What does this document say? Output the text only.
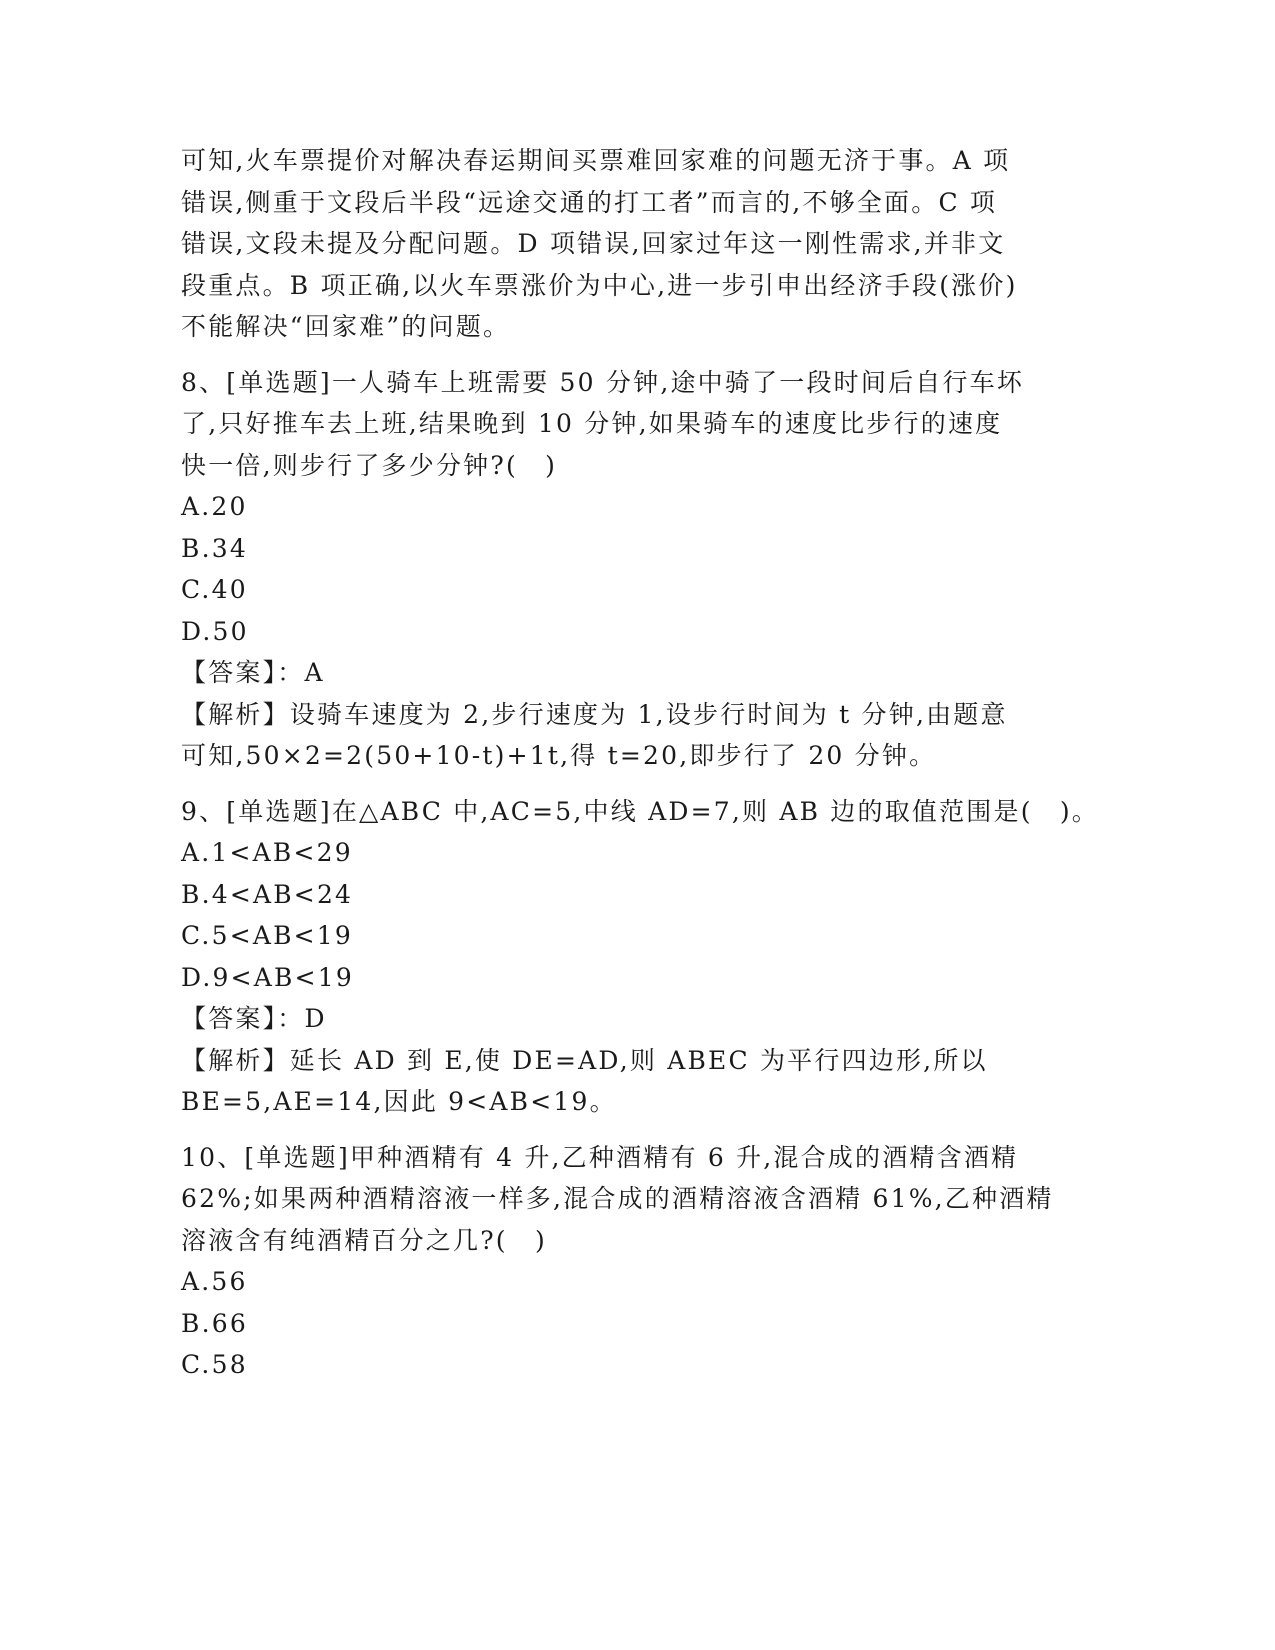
可知,火车票提价对解决春运期间买票难回家难的问题无济于事。A 项
错误,侧重于文段后半段“远途交通的打工者”而言的,不够全面。C 项
错误,文段未提及分配问题。D 项错误,回家过年这一刚性需求,并非文
段重点。B 项正确,以火车票涨价为中心,进一步引申出经济手段(涨价)
不能解决“回家难”的问题。
8、[单选题]一人骑车上班需要 50 分钟,途中骑了一段时间后自行车坏
了,只好推车去上班,结果晚到 10 分钟,如果骑车的速度比步行的速度
快一倍,则步行了多少分钟?(　)
A.20
B.34
C.40
D.50
【答案】：A
【解析】设骑车速度为 2,步行速度为 1,设步行时间为 t 分钟,由题意
可知,50×2=2(50+10-t)+1t,得 t=20,即步行了 20 分钟。
9、[单选题]在△ABC 中,AC=5,中线 AD=7,则 AB 边的取值范围是(　)。
A.1<AB<29
B.4<AB<24
C.5<AB<19
D.9<AB<19
【答案】：D
【解析】延长 AD 到 E,使 DE=AD,则 ABEC 为平行四边形,所以
BE=5,AE=14,因此 9<AB<19。
10、[单选题]甲种酒精有 4 升,乙种酒精有 6 升,混合成的酒精含酒精
62%;如果两种酒精溶液一样多,混合成的酒精溶液含酒精 61%,乙种酒精
溶液含有纯酒精百分之几?(　)
A.56
B.66
C.58
